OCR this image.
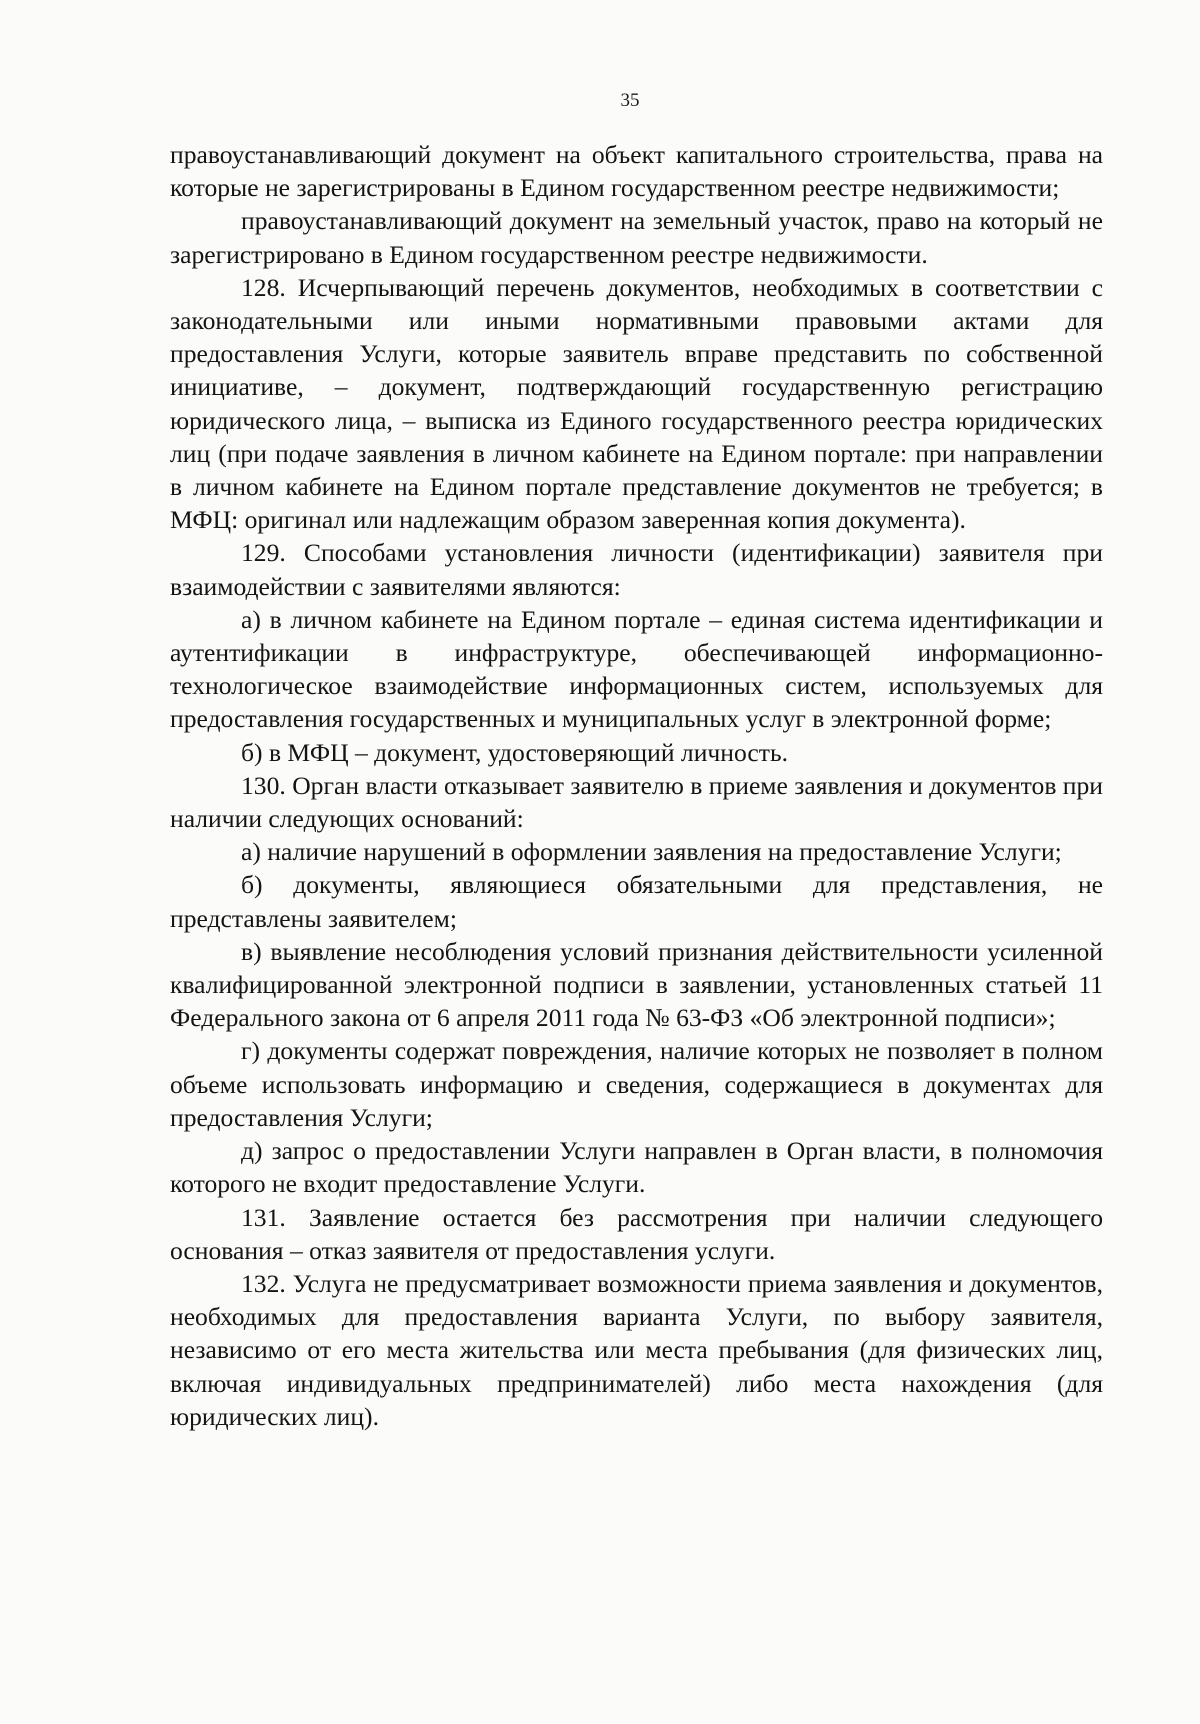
35

правоустанавливающий документ на объект капитального строительства, права на которые не зарегистрированы в Едином государственном реестре недвижимости;

правоустанавливающий документ на земельный участок, право на который не зарегистрировано в Едином государственном реестре недвижимости.

128. Исчерпывающий перечень документов, необходимых в соответствии с законодательными или иными нормативными правовыми актами для предоставления Услуги, которые заявитель вправе представить по собственной инициативе, – документ, подтверждающий государственную регистрацию юридического лица, – выписка из Единого государственного реестра юридических лиц (при подаче заявления в личном кабинете на Едином портале: при направлении в личном кабинете на Едином портале представление документов не требуется; в МФЦ: оригинал или надлежащим образом заверенная копия документа).

129. Способами установления личности (идентификации) заявителя при взаимодействии с заявителями являются:

а) в личном кабинете на Едином портале – единая система идентификации и аутентификации в инфраструктуре, обеспечивающей информационно-технологическое взаимодействие информационных систем, используемых для предоставления государственных и муниципальных услуг в электронной форме;

б) в МФЦ – документ, удостоверяющий личность.

130. Орган власти отказывает заявителю в приеме заявления и документов при наличии следующих оснований:

а) наличие нарушений в оформлении заявления на предоставление Услуги;

б) документы, являющиеся обязательными для представления, не представлены заявителем;

в) выявление несоблюдения условий признания действительности усиленной квалифицированной электронной подписи в заявлении, установленных статьей 11 Федерального закона от 6 апреля 2011 года № 63-ФЗ «Об электронной подписи»;

г) документы содержат повреждения, наличие которых не позволяет в полном объеме использовать информацию и сведения, содержащиеся в документах для предоставления Услуги;

д) запрос о предоставлении Услуги направлен в Орган власти, в полномочия которого не входит предоставление Услуги.

131. Заявление остается без рассмотрения при наличии следующего основания – отказ заявителя от предоставления услуги.

132. Услуга не предусматривает возможности приема заявления и документов, необходимых для предоставления варианта Услуги, по выбору заявителя, независимо от его места жительства или места пребывания (для физических лиц, включая индивидуальных предпринимателей) либо места нахождения (для юридических лиц).
